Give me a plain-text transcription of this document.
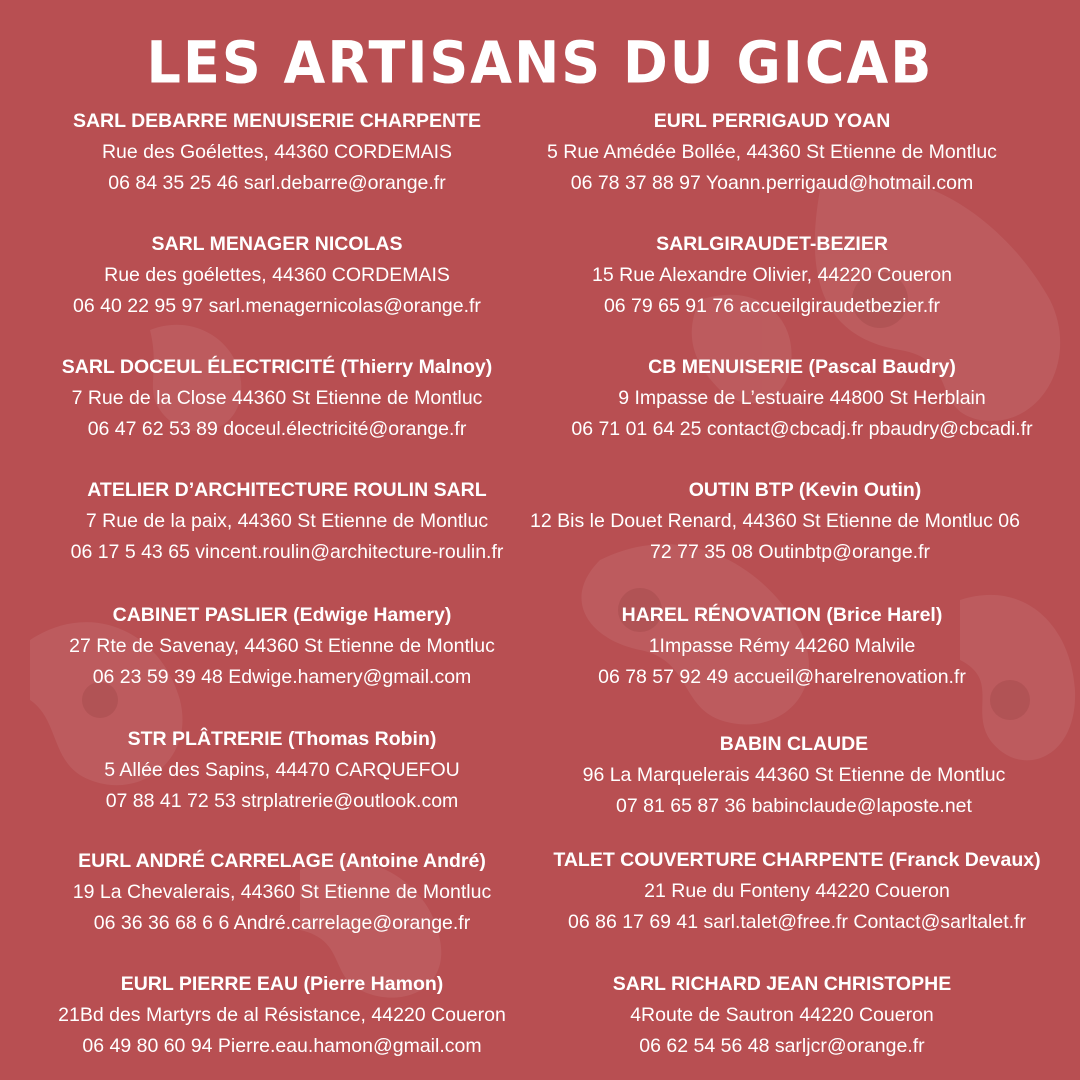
LES ARTISANS DU GICAB
SARL DEBARRE MENUISERIE CHARPENTE
Rue des Goélettes, 44360 CORDEMAIS
06 84 35 25 46 sarl.debarre@orange.fr
SARL MENAGER NICOLAS
Rue des goélettes, 44360 CORDEMAIS
06 40 22 95 97 sarl.menagernicolas@orange.fr
SARL DOCEUL ÉLECTRICITÉ (Thierry Malnoy)
7 Rue de la Close 44360 St Etienne de Montluc
06 47 62 53 89 doceul.électricité@orange.fr
ATELIER D’ARCHITECTURE ROULIN SARL
7 Rue de la paix, 44360 St Etienne de Montluc
06 17 5 43 65 vincent.roulin@architecture-roulin.fr
CABINET PASLIER (Edwige Hamery)
27 Rte de Savenay, 44360 St Etienne de Montluc
06 23 59 39 48 Edwige.hamery@gmail.com
STR PLÂTRERIE (Thomas Robin)
5 Allée des Sapins, 44470 CARQUEFOU
07 88 41 72 53 strplatrerie@outlook.com
EURL ANDRÉ CARRELAGE (Antoine André)
19 La Chevalerais, 44360 St Etienne de Montluc
06 36 36 68 6 6 André.carrelage@orange.fr
EURL PIERRE EAU (Pierre Hamon)
21Bd des Martyrs de al Résistance, 44220 Coueron
06 49 80 60 94 Pierre.eau.hamon@gmail.com
EURL PERRIGAUD YOAN
5 Rue Amédée Bollée, 44360 St Etienne de Montluc
06 78 37 88 97 Yoann.perrigaud@hotmail.com
SARLGIRAUDET-BEZIER
15 Rue Alexandre Olivier, 44220 Coueron
06 79 65 91 76 accueilgiraudetbezier.fr
CB MENUISERIE (Pascal Baudry)
9 Impasse de L’estuaire 44800 St Herblain
06 71 01 64 25 contact@cbcadj.fr pbaudry@cbcadi.fr
OUTIN BTP (Kevin Outin)
12 Bis le Douet Renard, 44360 St Etienne de Montluc 06
72 77 35 08 Outinbtp@orange.fr
HAREL RÉNOVATION (Brice Harel)
1Impasse Rémy 44260 Malvile
06 78 57 92 49 accueil@harelrenovation.fr
BABIN CLAUDE
96 La Marquelerais 44360 St Etienne de Montluc
07 81 65 87 36 babinclaude@laposte.net
TALET COUVERTURE CHARPENTE (Franck Devaux)
21 Rue du Fonteny 44220 Coueron
06 86 17 69 41 sarl.talet@free.fr Contact@sarltalet.fr
SARL RICHARD JEAN CHRISTOPHE
4Route de Sautron 44220 Coueron
06 62 54 56 48 sarljcr@orange.fr
